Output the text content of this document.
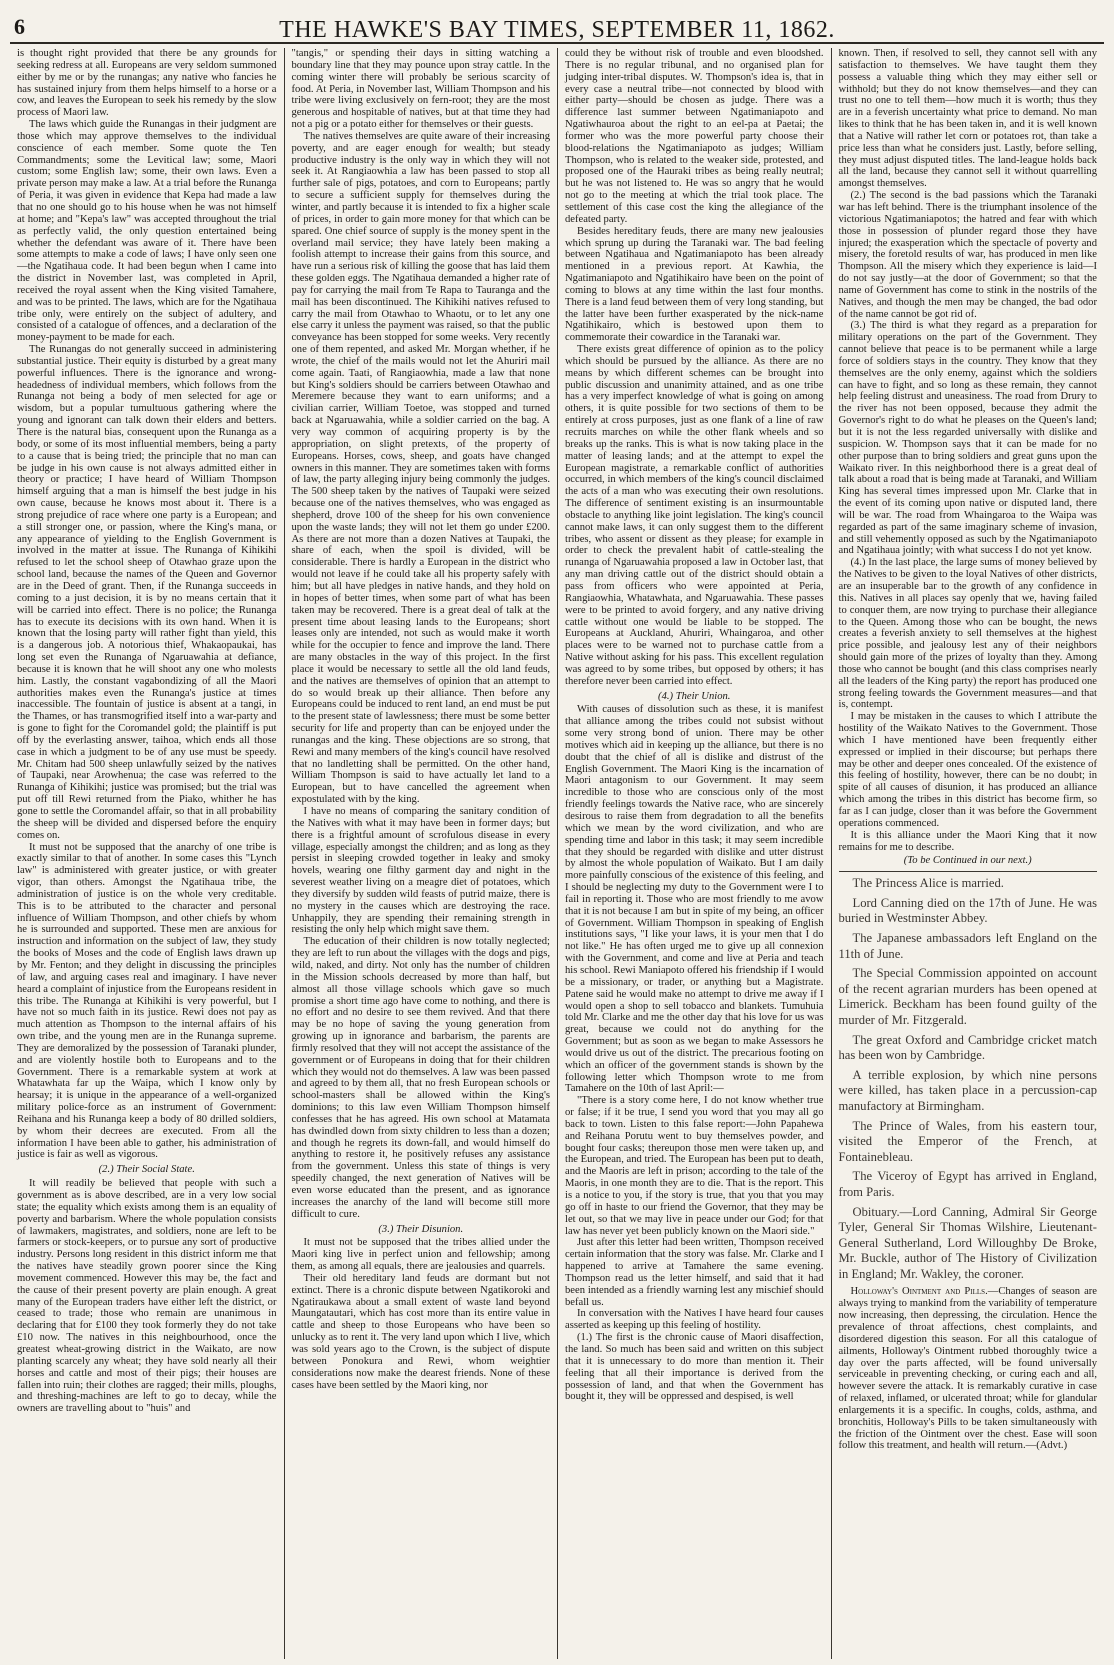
6	THE HAWKE'S BAY TIMES, SEPTEMBER 11, 1862.

is thought right provided that there be any grounds for seeking redress at all. Europeans are very seldom summoned either by me or by the runangas; any native who fancies he has sustained injury from them helps himself to a horse or a cow, and leaves the European to seek his remedy by the slow process of Maori law.

The laws which guide the Runangas in their judgment are those which may approve themselves to the individual conscience of each member. Some quote the Ten Commandments; some the Levitical law; some, Maori custom; some English law; some, their own laws. Even a private person may make a law. At a trial before the Runanga of Peria, it was given in evidence that Kepa had made a law that no one should go to his house when he was not himself at home; and "Kepa's law" was accepted throughout the trial as perfectly valid, the only question entertained being whether the defendant was aware of it. There have been some attempts to make a code of laws; I have only seen one—the Ngatihaua code. It had been begun when I came into the district in November last, was completed in April, received the royal assent when the King visited Tamahere, and was to be printed. The laws, which are for the Ngatihaua tribe only, were entirely on the subject of adultery, and consisted of a catalogue of offences, and a declaration of the money-payment to be made for each.

The Runangas do not generally succeed in administering substantial justice. Their equity is disturbed by a great many powerful influences. There is the ignorance and wrong-headedness of individual members, which follows from the Runanga not being a body of men selected for age or wisdom, but a popular tumultuous gathering where the young and ignorant can talk down their elders and betters. There is the natural bias, consequent upon the Runanga as a body, or some of its most influential members, being a party to a cause that is being tried; the principle that no man can be judge in his own cause is not always admitted either in theory or practice; I have heard of William Thompson himself arguing that a man is himself the best judge in his own cause, because he knows most about it. There is a strong prejudice of race where one party is a European; and a still stronger one, or passion, where the King's mana, or any appearance of yielding to the English Government is involved in the matter at issue. The Runanga of Kihikihi refused to let the school sheep of Otawhao graze upon the school land, because the names of the Queen and Governor are in the Deed of grant. Then, if the Runanga succeeds in coming to a just decision, it is by no means certain that it will be carried into effect. There is no police; the Runanga has to execute its decisions with its own hand. When it is known that the losing party will rather fight than yield, this is a dangerous job. A notorious thief, Whakaopaukai, has long set even the Runanga of Ngaruawahia at defiance, because it is known that he will shoot any one who molests him. Lastly, the constant vagabondizing of all the Maori authorities makes even the Runanga's justice at times inaccessible. The fountain of justice is absent at a tangi, in the Thames, or has transmogrified itself into a war-party and is gone to fight for the Coromandel gold; the plaintiff is put off by the everlasting answer, taihoa, which ends all those case in which a judgment to be of any use must be speedy. Mr. Chitam had 500 sheep unlawfully seized by the natives of Taupaki, near Arowhenua; the case was referred to the Runanga of Kihikihi; justice was promised; but the trial was put off till Rewi returned from the Piako, whither he has gone to settle the Coromandel affair, so that in all probability the sheep will be divided and dispersed before the enquiry comes on.

It must not be supposed that the anarchy of one tribe is exactly similar to that of another. In some cases this "Lynch law" is administered with greater justice, or with greater vigor, than others. Amongst the Ngatihaua tribe, the administration of justice is on the whole very creditable. This is to be attributed to the character and personal influence of William Thompson, and other chiefs by whom he is surrounded and supported. These men are anxious for instruction and information on the subject of law, they study the books of Moses and the code of English laws drawn up by Mr. Fenton; and they delight in discussing the principles of law, and arguing cases real and imaginary. I have never heard a complaint of injustice from the Europeans resident in this tribe. The Runanga at Kihikihi is very powerful, but I have not so much faith in its justice. Rewi does not pay as much attention as Thompson to the internal affairs of his own tribe, and the young men are in the Runanga supreme. They are demoralized by the possession of Taranaki plunder, and are violently hostile both to Europeans and to the Government. There is a remarkable system at work at Whatawhata far up the Waipa, which I know only by hearsay; it is unique in the appearance of a well-organized military police-force as an instrument of Government: Reihana and his Runanga keep a body of 80 drilled soldiers, by whom their decrees are executed. From all the information I have been able to gather, his administration of justice is fair as well as vigorous.

(2.) Their Social State.

It will readily be believed that people with such a government as is above described, are in a very low social state; the equality which exists among them is an equality of poverty and barbarism. Where the whole population consists of lawmakers, magistrates, and soldiers, none are left to be farmers or stock-keepers, or to pursue any sort of productive industry. Persons long resident in this district inform me that the natives have steadily grown poorer since the King movement commenced. However this may be, the fact and the cause of their present poverty are plain enough. A great many of the European traders have either left the district, or ceased to trade; those who remain are unanimous in declaring that for £100 they took formerly they do not take £10 now. The natives in this neighbourhood, once the greatest wheat-growing district in the Waikato, are now planting scarcely any wheat; they have sold nearly all their horses and cattle and most of their pigs; their houses are fallen into ruin; their clothes are ragged; their mills, ploughs, and threshing-machines are left to go to decay, while the owners are travelling about to "huis" and

"tangis," or spending their days in sitting watching a boundary line that they may pounce upon stray cattle. In the coming winter there will probably be serious scarcity of food. At Peria, in November last, William Thompson and his tribe were living exclusively on fern-root; they are the most generous and hospitable of natives, but at that time they had not a pig or a potato either for themselves or their guests.

The natives themselves are quite aware of their increasing poverty, and are eager enough for wealth; but steady productive industry is the only way in which they will not seek it. At Rangiaowhia a law has been passed to stop all further sale of pigs, potatoes, and corn to Europeans; partly to secure a sufficient supply for themselves during the winter, and partly because it is intended to fix a higher scale of prices, in order to gain more money for that which can be spared. One chief source of supply is the money spent in the overland mail service; they have lately been making a foolish attempt to increase their gains from this source, and have run a serious risk of killing the goose that has laid them these golden eggs. The Ngatihaua demanded a higher rate of pay for carrying the mail from Te Rapa to Tauranga and the mail has been discontinued. The Kihikihi natives refused to carry the mail from Otawhao to Whaotu, or to let any one else carry it unless the payment was raised, so that the public conveyance has been stopped for some weeks. Very recently one of them repented, and asked Mr. Morgan whether, if he wrote, the chief of the mails would not let the Ahuriri mail come again. Taati, of Rangiaowhia, made a law that none but King's soldiers should be carriers between Otawhao and Meremere because they want to earn uniforms; and a civilian carrier, William Toetoe, was stopped and turned back at Ngaruawahia, while a soldier carried on the bag. A very way common of acquiring property is by the appropriation, on slight pretexts, of the property of Europeans. Horses, cows, sheep, and goats have changed owners in this manner. They are sometimes taken with forms of law, the party alleging injury being commonly the judges. The 500 sheep taken by the natives of Taupaki were seized because one of the natives themselves, who was engaged as shepherd, drove 100 of the sheep for his own convenience upon the waste lands; they will not let them go under £200. As there are not more than a dozen Natives at Taupaki, the share of each, when the spoil is divided, will be considerable. There is hardly a European in the district who would not leave if he could take all his property safely with him; but all have pledges in native hands, and they hold on in hopes of better times, when some part of what has been taken may be recovered. There is a great deal of talk at the present time about leasing lands to the Europeans; short leases only are intended, not such as would make it worth while for the occupier to fence and improve the land. There are many obstacles in the way of this project. In the first place it would be necessary to settle all the old land feuds, and the natives are themselves of opinion that an attempt to do so would break up their alliance. Then before any Europeans could be induced to rent land, an end must be put to the present state of lawlessness; there must be some better security for life and property than can be enjoyed under the runangas and the king. These objections are so strong, that Rewi and many members of the king's council have resolved that no landletting shall be permitted. On the other hand, William Thompson is said to have actually let land to a European, but to have cancelled the agreement when expostulated with by the king.

I have no means of comparing the sanitary condition of the Natives with what it may have been in former days; but there is a frightful amount of scrofulous disease in every village, especially amongst the children; and as long as they persist in sleeping crowded together in leaky and smoky hovels, wearing one filthy garment day and night in the severest weather living on a meagre diet of potatoes, which they diversify by sudden wild feasts of putrid maize, there is no mystery in the causes which are destroying the race. Unhappily, they are spending their remaining strength in resisting the only help which might save them.

The education of their children is now totally neglected; they are left to run about the villages with the dogs and pigs, wild, naked, and dirty. Not only has the number of children in the Mission schools decreased by more than half, but almost all those village schools which gave so much promise a short time ago have come to nothing, and there is no effort and no desire to see them revived. And that there may be no hope of saving the young generation from growing up in ignorance and barbarism, the parents are firmly resolved that they will not accept the assistance of the government or of Europeans in doing that for their children which they would not do themselves. A law was been passed and agreed to by them all, that no fresh European schools or school-masters shall be allowed within the King's dominions; to this law even William Thompson himself confesses that he has agreed. His own school at Matamata has dwindled down from sixty children to less than a dozen; and though he regrets its down-fall, and would himself do anything to restore it, he positively refuses any assistance from the government. Unless this state of things is very speedily changed, the next generation of Natives will be even worse educated than the present, and as ignorance increases the anarchy of the land will become still more difficult to cure.

(3.) Their Disunion.

It must not be supposed that the tribes allied under the Maori king live in perfect union and fellowship; among them, as among all equals, there are jealousies and quarrels.

Their old hereditary land feuds are dormant but not extinct. There is a chronic dispute between Ngatikoroki and Ngatiraukawa about a small extent of waste land beyond Maungatautari, which has cost more than its entire value in cattle and sheep to those Europeans who have been so unlucky as to rent it. The very land upon which I live, which was sold years ago to the Crown, is the subject of dispute between Ponokura and Rewi, whom weightier considerations now make the dearest friends. None of these cases have been settled by the Maori king, nor

could they be without risk of trouble and even bloodshed. There is no regular tribunal, and no organised plan for judging inter-tribal disputes. W. Thompson's idea is, that in every case a neutral tribe—not connected by blood with either party—should be chosen as judge. There was a difference last summer between Ngatimaniapoto and Ngatiwhauroa about the right to an eel-pa at Paetai; the former who was the more powerful party choose their blood-relations the Ngatimaniapoto as judges; William Thompson, who is related to the weaker side, protested, and proposed one of the Hauraki tribes as being really neutral; but he was not listened to. He was so angry that he would not go to the meeting at which the trial took place. The settlement of this case cost the king the allegiance of the defeated party.

Besides hereditary feuds, there are many new jealousies which sprung up during the Taranaki war. The bad feeling between Ngatihaua and Ngatimaniapoto has been already mentioned in a previous report. At Kawhia, the Ngatimaniapoto and Ngatihikairo have been on the point of coming to blows at any time within the last four months. There is a land feud between them of very long standing, but the latter have been further exasperated by the nick-name Ngatihikairo, which is bestowed upon them to commemorate their cowardice in the Taranaki war.

There exists great difference of opinion as to the policy which should be pursued by the alliance. As there are no means by which different schemes can be brought into public discussion and unanimity attained, and as one tribe has a very imperfect knowledge of what is going on among others, it is quite possible for two sections of them to be entirely at cross purposes, just as one flank of a line of raw recruits marches on while the other flank wheels and so breaks up the ranks. This is what is now taking place in the matter of leasing lands; and at the attempt to expel the European magistrate, a remarkable conflict of authorities occurred, in which members of the king's council disclaimed the acts of a man who was executing their own resolutions. The difference of sentiment existing is an insurmountable obstacle to anything like joint legislation. The king's council cannot make laws, it can only suggest them to the different tribes, who assent or dissent as they please; for example in order to check the prevalent habit of cattle-stealing the runanga of Ngaruawahia proposed a law in October last, that any man driving cattle out of the district should obtain a pass from officers who were appointed at Peria, Rangiaowhia, Whatawhata, and Ngaruawahia. These passes were to be printed to avoid forgery, and any native driving cattle without one would be liable to be stopped. The Europeans at Auckland, Ahuriri, Whaingaroa, and other places were to be warned not to purchase cattle from a Native without asking for his pass. This excellent regulation was agreed to by some tribes, but opposed by others; it has therefore never been carried into effect.

(4.) Their Union.

With causes of dissolution such as these, it is manifest that alliance among the tribes could not subsist without some very strong bond of union. There may be other motives which aid in keeping up the alliance, but there is no doubt that the chief of all is dislike and distrust of the English Government. The Maori King is the incarnation of Maori antagonism to our Government. It may seem incredible to those who are conscious only of the most friendly feelings towards the Native race, who are sincerely desirous to raise them from degradation to all the benefits which we mean by the word civilization, and who are spending time and labor in this task; it may seem incredible that they should be regarded with dislike and utter distrust by almost the whole population of Waikato. But I am daily more painfully conscious of the existence of this feeling, and I should be neglecting my duty to the Government were I to fail in reporting it. Those who are most friendly to me avow that it is not because I am but in spite of my being, an officer of Government. William Thompson in speaking of English institutions says, "I like your laws, it is your men that I do not like." He has often urged me to give up all connexion with the Government, and come and live at Peria and teach his school. Rewi Maniapoto offered his friendship if I would be a missionary, or trader, or anything but a Magistrate. Patene said he would make no attempt to drive me away if I would open a shop to sell tobacco and blankets. Tumuhuia told Mr. Clarke and me the other day that his love for us was great, because we could not do anything for the Government; but as soon as we began to make Assessors he would drive us out of the district. The precarious footing on which an officer of the government stands is shown by the following letter which Thompson wrote to me from Tamahere on the 10th of last April:—

"There is a story come here, I do not know whether true or false; if it be true, I send you word that you may all go back to town. Listen to this false report:—John Papahewa and Reihana Porutu went to buy themselves powder, and bought four casks; thereupon those men were taken up, and the European, and tried. The European has been put to death, and the Maoris are left in prison; according to the tale of the Maoris, in one month they are to die. That is the report. This is a notice to you, if the story is true, that you that you may go off in haste to our friend the Governor, that they may be let out, so that we may live in peace under our God; for that law has never yet been publicly known on the Maori side."

Just after this letter had been written, Thompson received certain information that the story was false. Mr. Clarke and I happened to arrive at Tamahere the same evening. Thompson read us the letter himself, and said that it had been intended as a friendly warning lest any mischief should befall us.

In conversation with the Natives I have heard four causes asserted as keeping up this feeling of hostility.

(1.) The first is the chronic cause of Maori disaffection, the land. So much has been said and written on this subject that it is unnecessary to do more than mention it. Their feeling that all their importance is derived from the possession of land, and that when the Government has bought it, they will be oppressed and despised, is well

known. Then, if resolved to sell, they cannot sell with any satisfaction to themselves. We have taught them they possess a valuable thing which they may either sell or withhold; but they do not know themselves—and they can trust no one to tell them—how much it is worth; thus they are in a feverish uncertainty what price to demand. No man likes to think that he has been taken in, and it is well known that a Native will rather let corn or potatoes rot, than take a price less than what he considers just. Lastly, before selling, they must adjust disputed titles. The land-league holds back all the land, because they cannot sell it without quarrelling amongst themselves.

(2.) The second is the bad passions which the Taranaki war has left behind. There is the triumphant insolence of the victorious Ngatimaniapotos; the hatred and fear with which those in possession of plunder regard those they have injured; the exasperation which the spectacle of poverty and misery, the foretold results of war, has produced in men like Thompson. All the misery which they experience is laid—I do not say justly—at the door of Government; so that the name of Government has come to stink in the nostrils of the Natives, and though the men may be changed, the bad odor of the name cannot be got rid of.

(3.) The third is what they regard as a preparation for military operations on the part of the Government. They cannot believe that peace is to be permanent while a large force of soldiers stays in the country. They know that they themselves are the only enemy, against which the soldiers can have to fight, and so long as these remain, they cannot help feeling distrust and uneasiness. The road from Drury to the river has not been opposed, because they admit the Governor's right to do what he pleases on the Queen's land; but it is not the less regarded universally with dislike and suspicion. W. Thompson says that it can be made for no other purpose than to bring soldiers and great guns upon the Waikato river. In this neighborhood there is a great deal of talk about a road that is being made at Taranaki, and William King has several times impressed upon Mr. Clarke that in the event of its coming upon native or disputed land, there will be war. The road from Whaingaroa to the Waipa was regarded as part of the same imaginary scheme of invasion, and still vehemently opposed as such by the Ngatimaniapoto and Ngatihaua jointly; with what success I do not yet know.

(4.) In the last place, the large sums of money believed by the Natives to be given to the loyal Natives of other districts, are an insuperable bar to the growth of any confidence in this. Natives in all places say openly that we, having failed to conquer them, are now trying to purchase their allegiance to the Queen. Among those who can be bought, the news creates a feverish anxiety to sell themselves at the highest price possible, and jealousy lest any of their neighbors should gain more of the prizes of loyalty than they. Among those who cannot be bought (and this class comprises nearly all the leaders of the King party) the report has produced one strong feeling towards the Government measures—and that is, contempt.

I may be mistaken in the causes to which I attribute the hostility of the Waikato Natives to the Government. Those which I have mentioned have been frequently either expressed or implied in their discourse; but perhaps there may be other and deeper ones concealed. Of the existence of this feeling of hostility, however, there can be no doubt; in spite of all causes of disunion, it has produced an alliance which among the tribes in this district has become firm, so far as I can judge, closer than it was before the Government operations commenced.

It is this alliance under the Maori King that it now remains for me to describe.

(To be Continued in our next.)

The Princess Alice is married.

Lord Canning died on the 17th of June. He was buried in Westminster Abbey.

The Japanese ambassadors left England on the 11th of June.

The Special Commission appointed on account of the recent agrarian murders has been opened at Limerick. Beckham has been found guilty of the murder of Mr. Fitzgerald.

The great Oxford and Cambridge cricket match has been won by Cambridge.

A terrible explosion, by which nine persons were killed, has taken place in a percussion-cap manufactory at Birmingham.

The Prince of Wales, from his eastern tour, visited the Emperor of the French, at Fontainebleau.

The Viceroy of Egypt has arrived in England, from Paris.

Obituary.—Lord Canning, Admiral Sir George Tyler, General Sir Thomas Wilshire, Lieutenant-General Sutherland, Lord Willoughby De Broke, Mr. Buckle, author of The History of Civilization in England; Mr. Wakley, the coroner.

Holloway's Ointment and Pills.—Changes of season are always trying to mankind from the variability of temperature now increasing, then depressing, the circulation. Hence the prevalence of throat affections, chest complaints, and disordered digestion this season. For all this catalogue of ailments, Holloway's Ointment rubbed thoroughly twice a day over the parts affected, will be found universally serviceable in preventing checking, or curing each and all, however severe the attack. It is remarkably curative in case of relaxed, inflamed, or ulcerated throat; while for glandular enlargements it is a specific. In coughs, colds, asthma, and bronchitis, Holloway's Pills to be taken simultaneously with the friction of the Ointment over the chest. Ease will soon follow this treatment, and health will return.—(Advt.)
